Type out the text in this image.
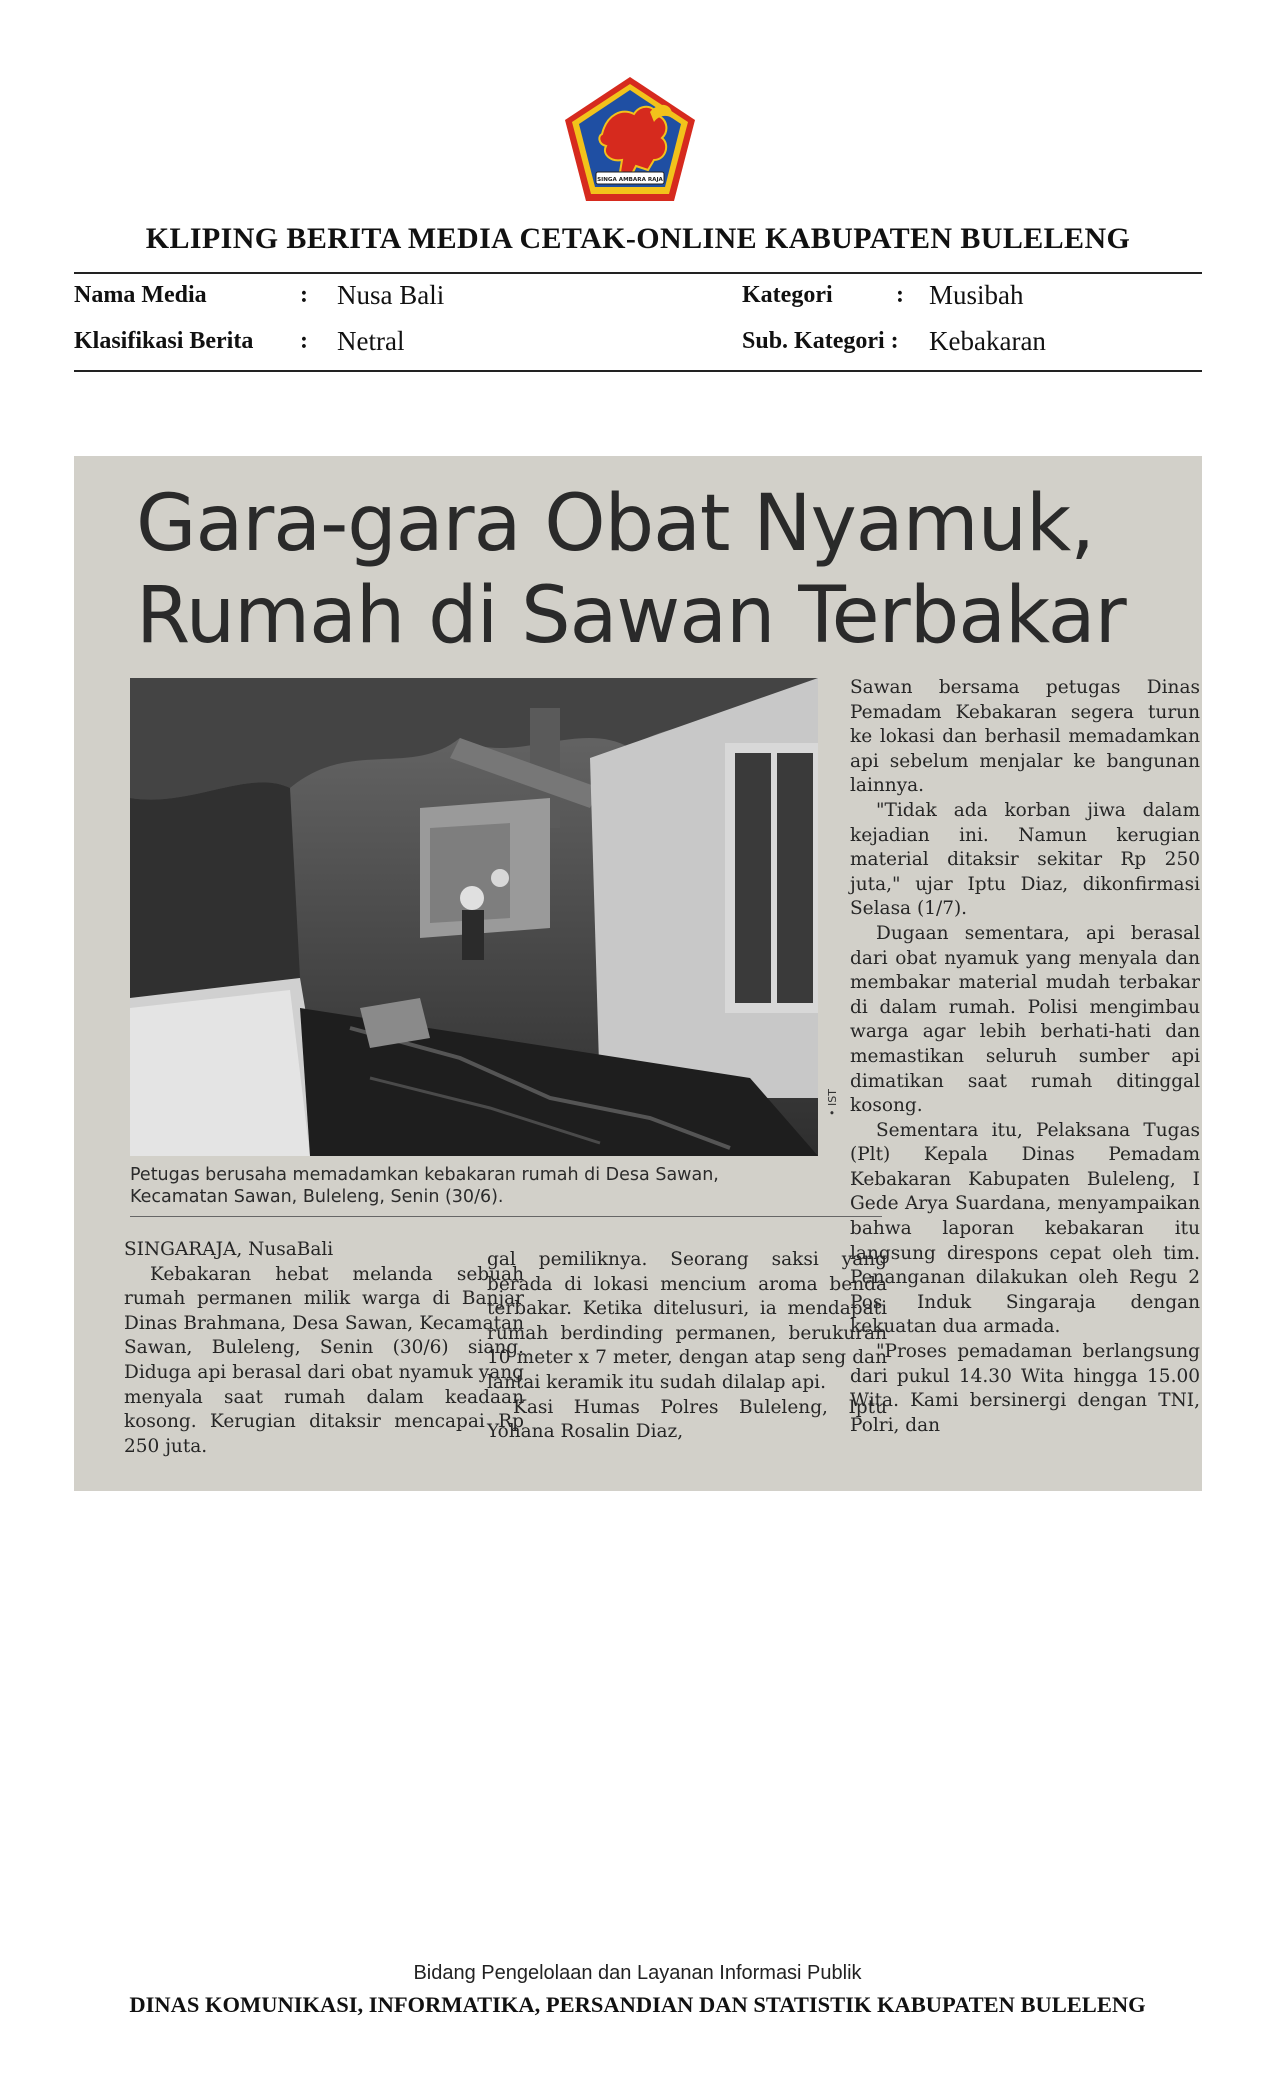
SINGA AMBARA RAJA
KLIPING BERITA MEDIA CETAK-ONLINE KABUPATEN BULELENG
Nama Media	: Nusa Bali
Klasifikasi Berita : Netral
Kategori	: Musibah
Sub. Kategori : Kebakaran
Gara-gara Obat Nyamuk,
Rumah di Sawan Terbakar
• IST
Petugas berusaha memadamkan kebakaran rumah di Desa Sawan, Kecamatan Sawan, Buleleng, Senin (30/6).
SINGARAJA, NusaBali

Kebakaran hebat melanda sebuah rumah permanen milik warga di Banjar Dinas Brahmana, Desa Sawan, Kecamatan Sawan, Buleleng, Senin (30/6) siang. Diduga api berasal dari obat nyamuk yang menyala saat rumah dalam keadaan kosong. Kerugian ditaksir mencapai Rp 250 juta.

gal pemiliknya. Seorang saksi yang berada di lokasi mencium aroma benda terbakar. Ketika ditelusuri, ia mendapati rumah berdinding permanen, berukuran 10 meter x 7 meter, dengan atap seng dan lantai keramik itu sudah dilalap api.

Kasi Humas Polres Buleleng, Iptu Yohana Rosalin Diaz,

Sawan bersama petugas Dinas Pemadam Kebakaran segera turun ke lokasi dan berhasil memadamkan api sebelum menjalar ke bangunan lainnya.

"Tidak ada korban jiwa dalam kejadian ini. Namun kerugian material ditaksir sekitar Rp 250 juta," ujar Iptu Diaz, dikonfirmasi Selasa (1/7).

Dugaan sementara, api berasal dari obat nyamuk yang menyala dan membakar material mudah terbakar di dalam rumah. Polisi mengimbau warga agar lebih berhati-hati dan memastikan seluruh sumber api dimatikan saat rumah ditinggal kosong.

Sementara itu, Pelaksana Tugas (Plt) Kepala Dinas Pemadam Kebakaran Kabupaten Buleleng, I Gede Arya Suardana, menyampaikan bahwa laporan kebakaran itu langsung direspons cepat oleh tim. Penanganan dilakukan oleh Regu 2 Pos Induk Singaraja dengan kekuatan dua armada.

"Proses pemadaman berlangsung dari pukul 14.30 Wita hingga 15.00 Wita. Kami bersinergi dengan TNI, Polri, dan

Bidang Pengelolaan dan Layanan Informasi Publik
DINAS KOMUNIKASI, INFORMATIKA, PERSANDIAN DAN STATISTIK KABUPATEN BULELENG
